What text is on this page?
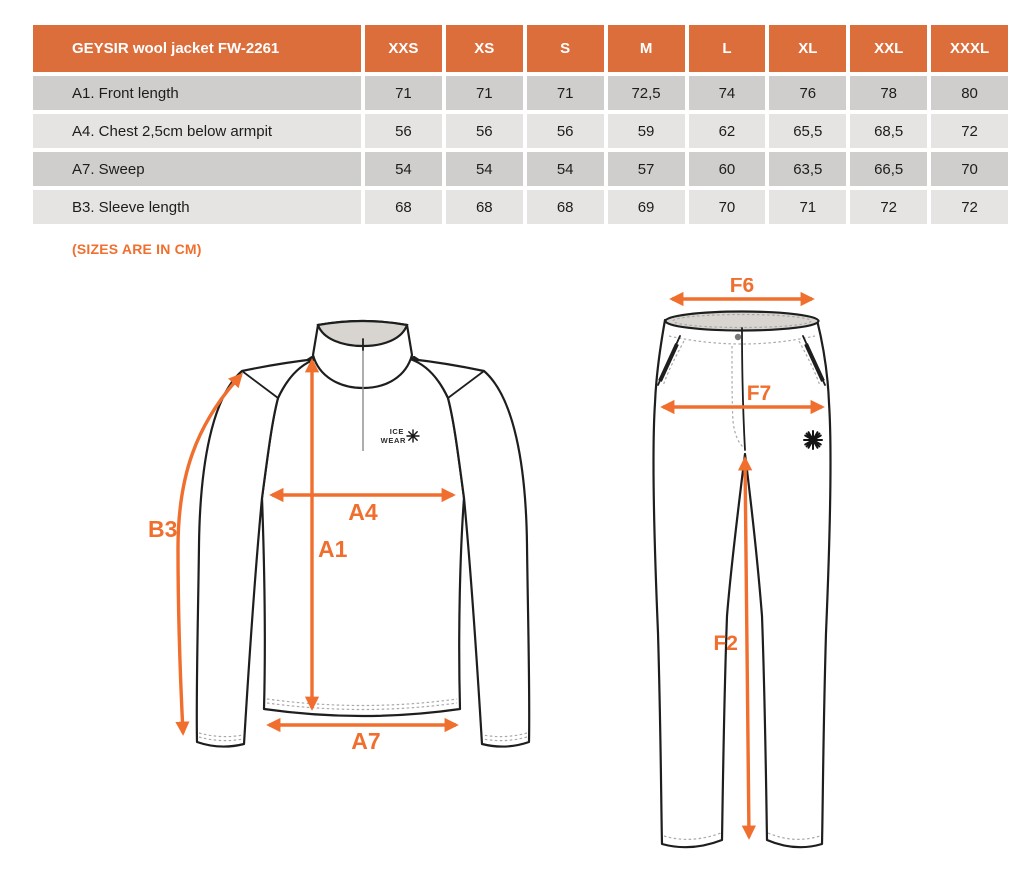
GEYSIR wool jacket FW-2261	XXS	XS	S	M	L	XL	XXL	XXXL
A1. Front length	71	71	71	72,5	74	76	78	80
A4. Chest 2,5cm below armpit	56	56	56	59	62	65,5	68,5	72
A7. Sweep	54	54	54	57	60	63,5	66,5	70
B3. Sleeve length	68	68	68	69	70	71	72	72
(SIZES ARE IN CM)
ICE
WEAR
B3
A1
A4
A7
F6
F7
F2
